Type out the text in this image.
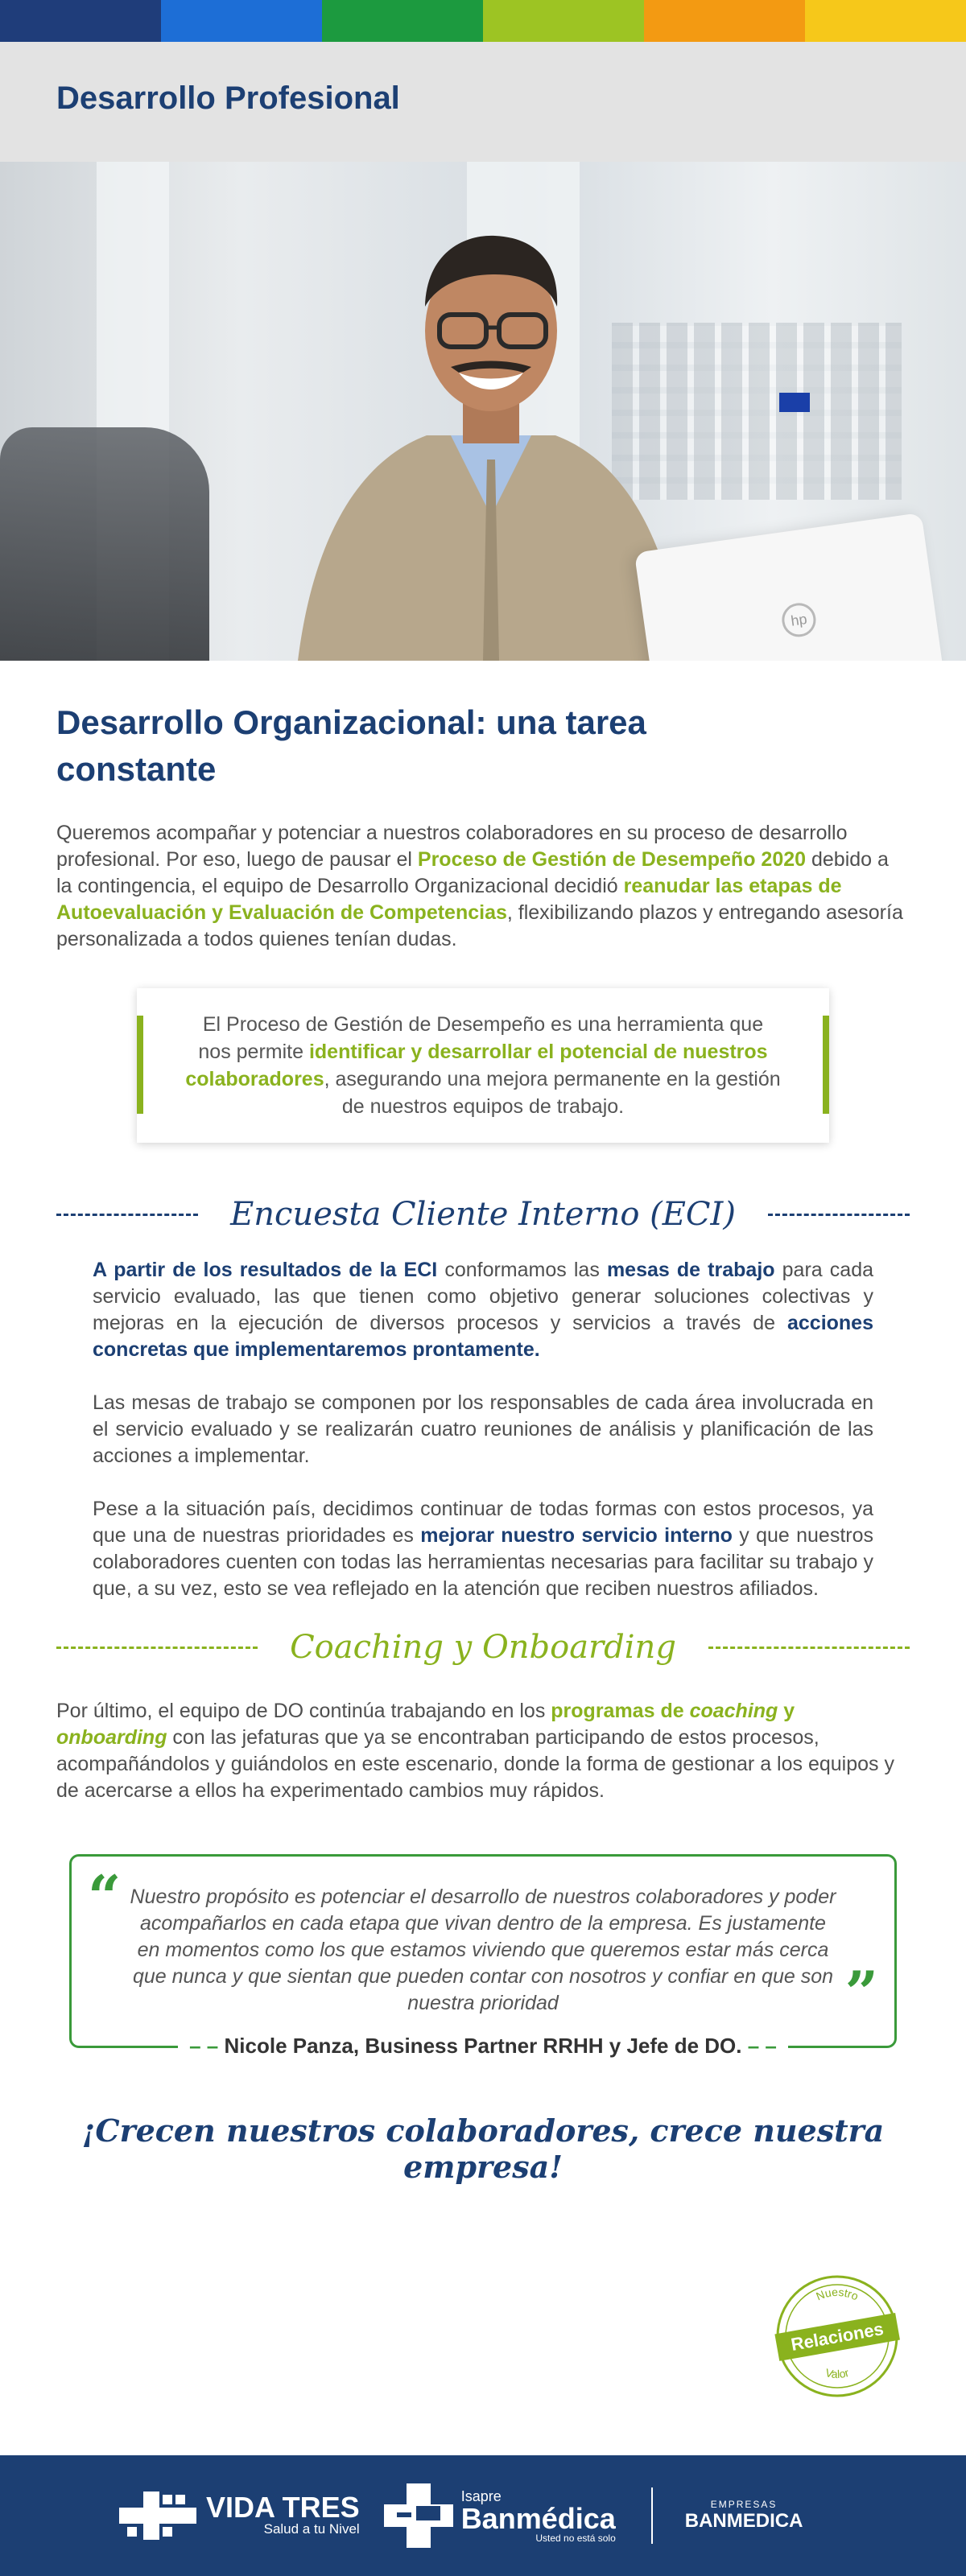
Desarrollo Profesional
hp
Desarrollo Organizacional: una tarea constante

Queremos acompañar y potenciar a nuestros colaboradores en su proceso de desarrollo profesional. Por eso, luego de pausar el Proceso de Gestión de Desempeño 2020 debido a la contingencia, el equipo de Desarrollo Organizacional decidió reanudar las etapas de Autoevaluación y Evaluación de Competencias, flexibilizando plazos y entregando asesoría personalizada a todos quienes tenían dudas.

El Proceso de Gestión de Desempeño es una herramienta que nos permite identificar y desarrollar el potencial de nuestros colaboradores, asegurando una mejora permanente en la gestión de nuestros equipos de trabajo.
Encuesta Cliente Interno (ECI)

A partir de los resultados de la ECI conformamos las mesas de trabajo para cada servicio evaluado, las que tienen como objetivo generar soluciones colectivas y mejoras en la ejecución de diversos procesos y servicios a través de acciones concretas que implementaremos prontamente.

Las mesas de trabajo se componen por los responsables de cada área involucrada en el servicio evaluado y se realizarán cuatro reuniones de análisis y planificación de las acciones a implementar.

Pese a la situación país, decidimos continuar de todas formas con estos procesos, ya que una de nuestras prioridades es mejorar nuestro servicio interno y que nuestros colaboradores cuenten con todas las herramientas necesarias para facilitar su trabajo y que, a su vez, esto se vea reflejado en la atención que reciben nuestros afiliados.

Coaching y Onboarding

Por último, el equipo de DO continúa trabajando en los programas de coaching y onboarding con las jefaturas que ya se encontraban participando de estos procesos, acompañándolos y guiándolos en este escenario, donde la forma de gestionar a los equipos y de acercarse a ellos ha experimentado cambios muy rápidos.

“ Nuestro propósito es potenciar el desarrollo de nuestros colaboradores y poder acompañarlos en cada etapa que vivan dentro de la empresa. Es justamente en momentos como los que estamos viviendo que queremos estar más cerca que nunca y que sientan que pueden contar con nosotros y confiar en que son nuestra prioridad	”
– – Nicole Panza, Business Partner RRHH y Jefe de DO. – –

¡Crecen nuestros colaboradores, crece nuestra empresa!

Nuestro
Valor
Relaciones
VIDA TRES
Salud a tu Nivel
Isapre
Banmédica
Usted no está solo
EMPRESAS
BANMEDICA
